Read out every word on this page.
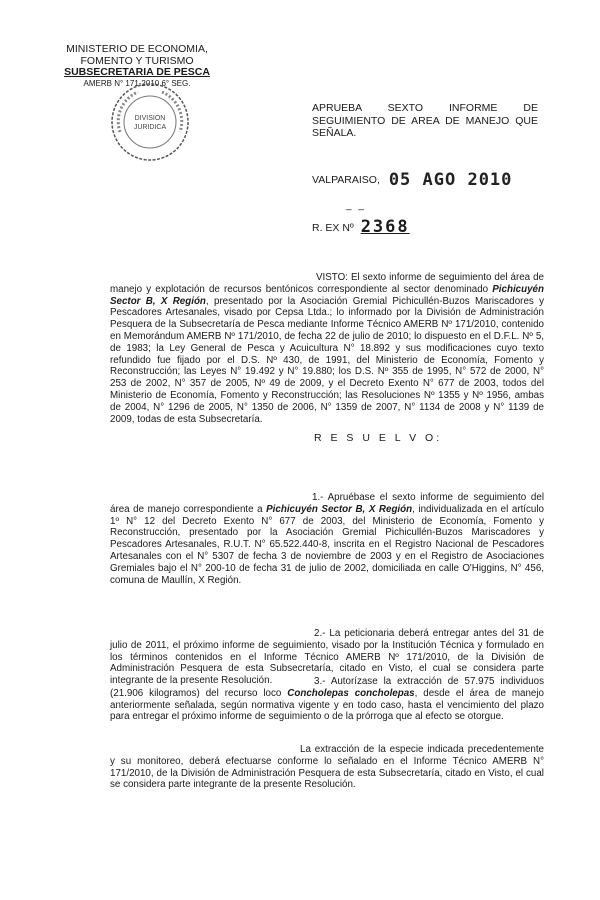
MINISTERIO DE ECONOMIA,
FOMENTO Y TURISMO
SUBSECRETARIA DE PESCA
AMERB N° 171-2010 6° SEG.
DIVISION
JURIDICA
APRUEBA SEXTO INFORME DE
SEGUIMIENTO DE AREA DE MANEJO QUE
SEÑALA.
VALPARAISO, 05 AGO 2010
_ _
R. EX Nº 2368
VISTO: El sexto informe de seguimiento del área de manejo y explotación de recursos bentónicos correspondiente al sector denominado Pichicuyén Sector B, X Región, presentado por la Asociación Gremial Pichicullén-Buzos Mariscadores y Pescadores Artesanales, visado por Cepsa Ltda.; lo informado por la División de Administración Pesquera de la Subsecretaría de Pesca mediante Informe Técnico AMERB Nº 171/2010, contenido en Memorándum AMERB Nº 171/2010, de fecha 22 de julio de 2010; lo dispuesto en el D.F.L. Nº 5, de 1983; la Ley General de Pesca y Acuicultura N° 18.892 y sus modificaciones cuyo texto refundido fue fijado por el D.S. Nº 430, de 1991, del Ministerio de Economía, Fomento y Reconstrucción; las Leyes N° 19.492 y N° 19.880; los D.S. Nº 355 de 1995, N° 572 de 2000, N° 253 de 2002, N° 357 de 2005, Nº 49 de 2009, y el Decreto Exento N° 677 de 2003, todos del Ministerio de Economía, Fomento y Reconstrucción; las Resoluciones Nº 1355 y Nº 1956, ambas de 2004, N° 1296 de 2005, N° 1350 de 2006, N° 1359 de 2007, N° 1134 de 2008 y N° 1139 de 2009, todas de esta Subsecretaría.
R E S U E L V O:
1.- Apruébase el sexto informe de seguimiento del área de manejo correspondiente a Pichicuyén Sector B, X Región, individualizada en el artículo 1º N° 12 del Decreto Exento N° 677 de 2003, del Ministerio de Economía, Fomento y Reconstrucción, presentado por la Asociación Gremial Pichicullén-Buzos Mariscadores y Pescadores Artesanales, R.U.T. N° 65.522.440-8, inscrita en el Registro Nacional de Pescadores Artesanales con el N° 5307 de fecha 3 de noviembre de 2003 y en el Registro de Asociaciones Gremiales bajo el N° 200-10 de fecha 31 de julio de 2002, domiciliada en calle O'Higgins, N° 456, comuna de Maullín, X Región.
2.- La peticionaria deberá entregar antes del 31 de julio de 2011, el próximo informe de seguimiento, visado por la Institución Técnica y formulado en los términos contenidos en el Informe Técnico AMERB Nº 171/2010, de la División de Administración Pesquera de esta Subsecretaría, citado en Visto, el cual se considera parte integrante de la presente Resolución.	3.- Autorízase la extracción de 57.975 individuos (21.906 kilogramos) del recurso loco Concholepas concholepas, desde el área de manejo anteriormente señalada, según normativa vigente y en todo caso, hasta el vencimiento del plazo para entregar el próximo informe de seguimiento o de la prórroga que al efecto se otorgue.
La extracción de la especie indicada precedentemente y su monitoreo, deberá efectuarse conforme lo señalado en el Informe Técnico AMERB N° 171/2010, de la División de Administración Pesquera de esta Subsecretaría, citado en Visto, el cual se considera parte integrante de la presente Resolución.
